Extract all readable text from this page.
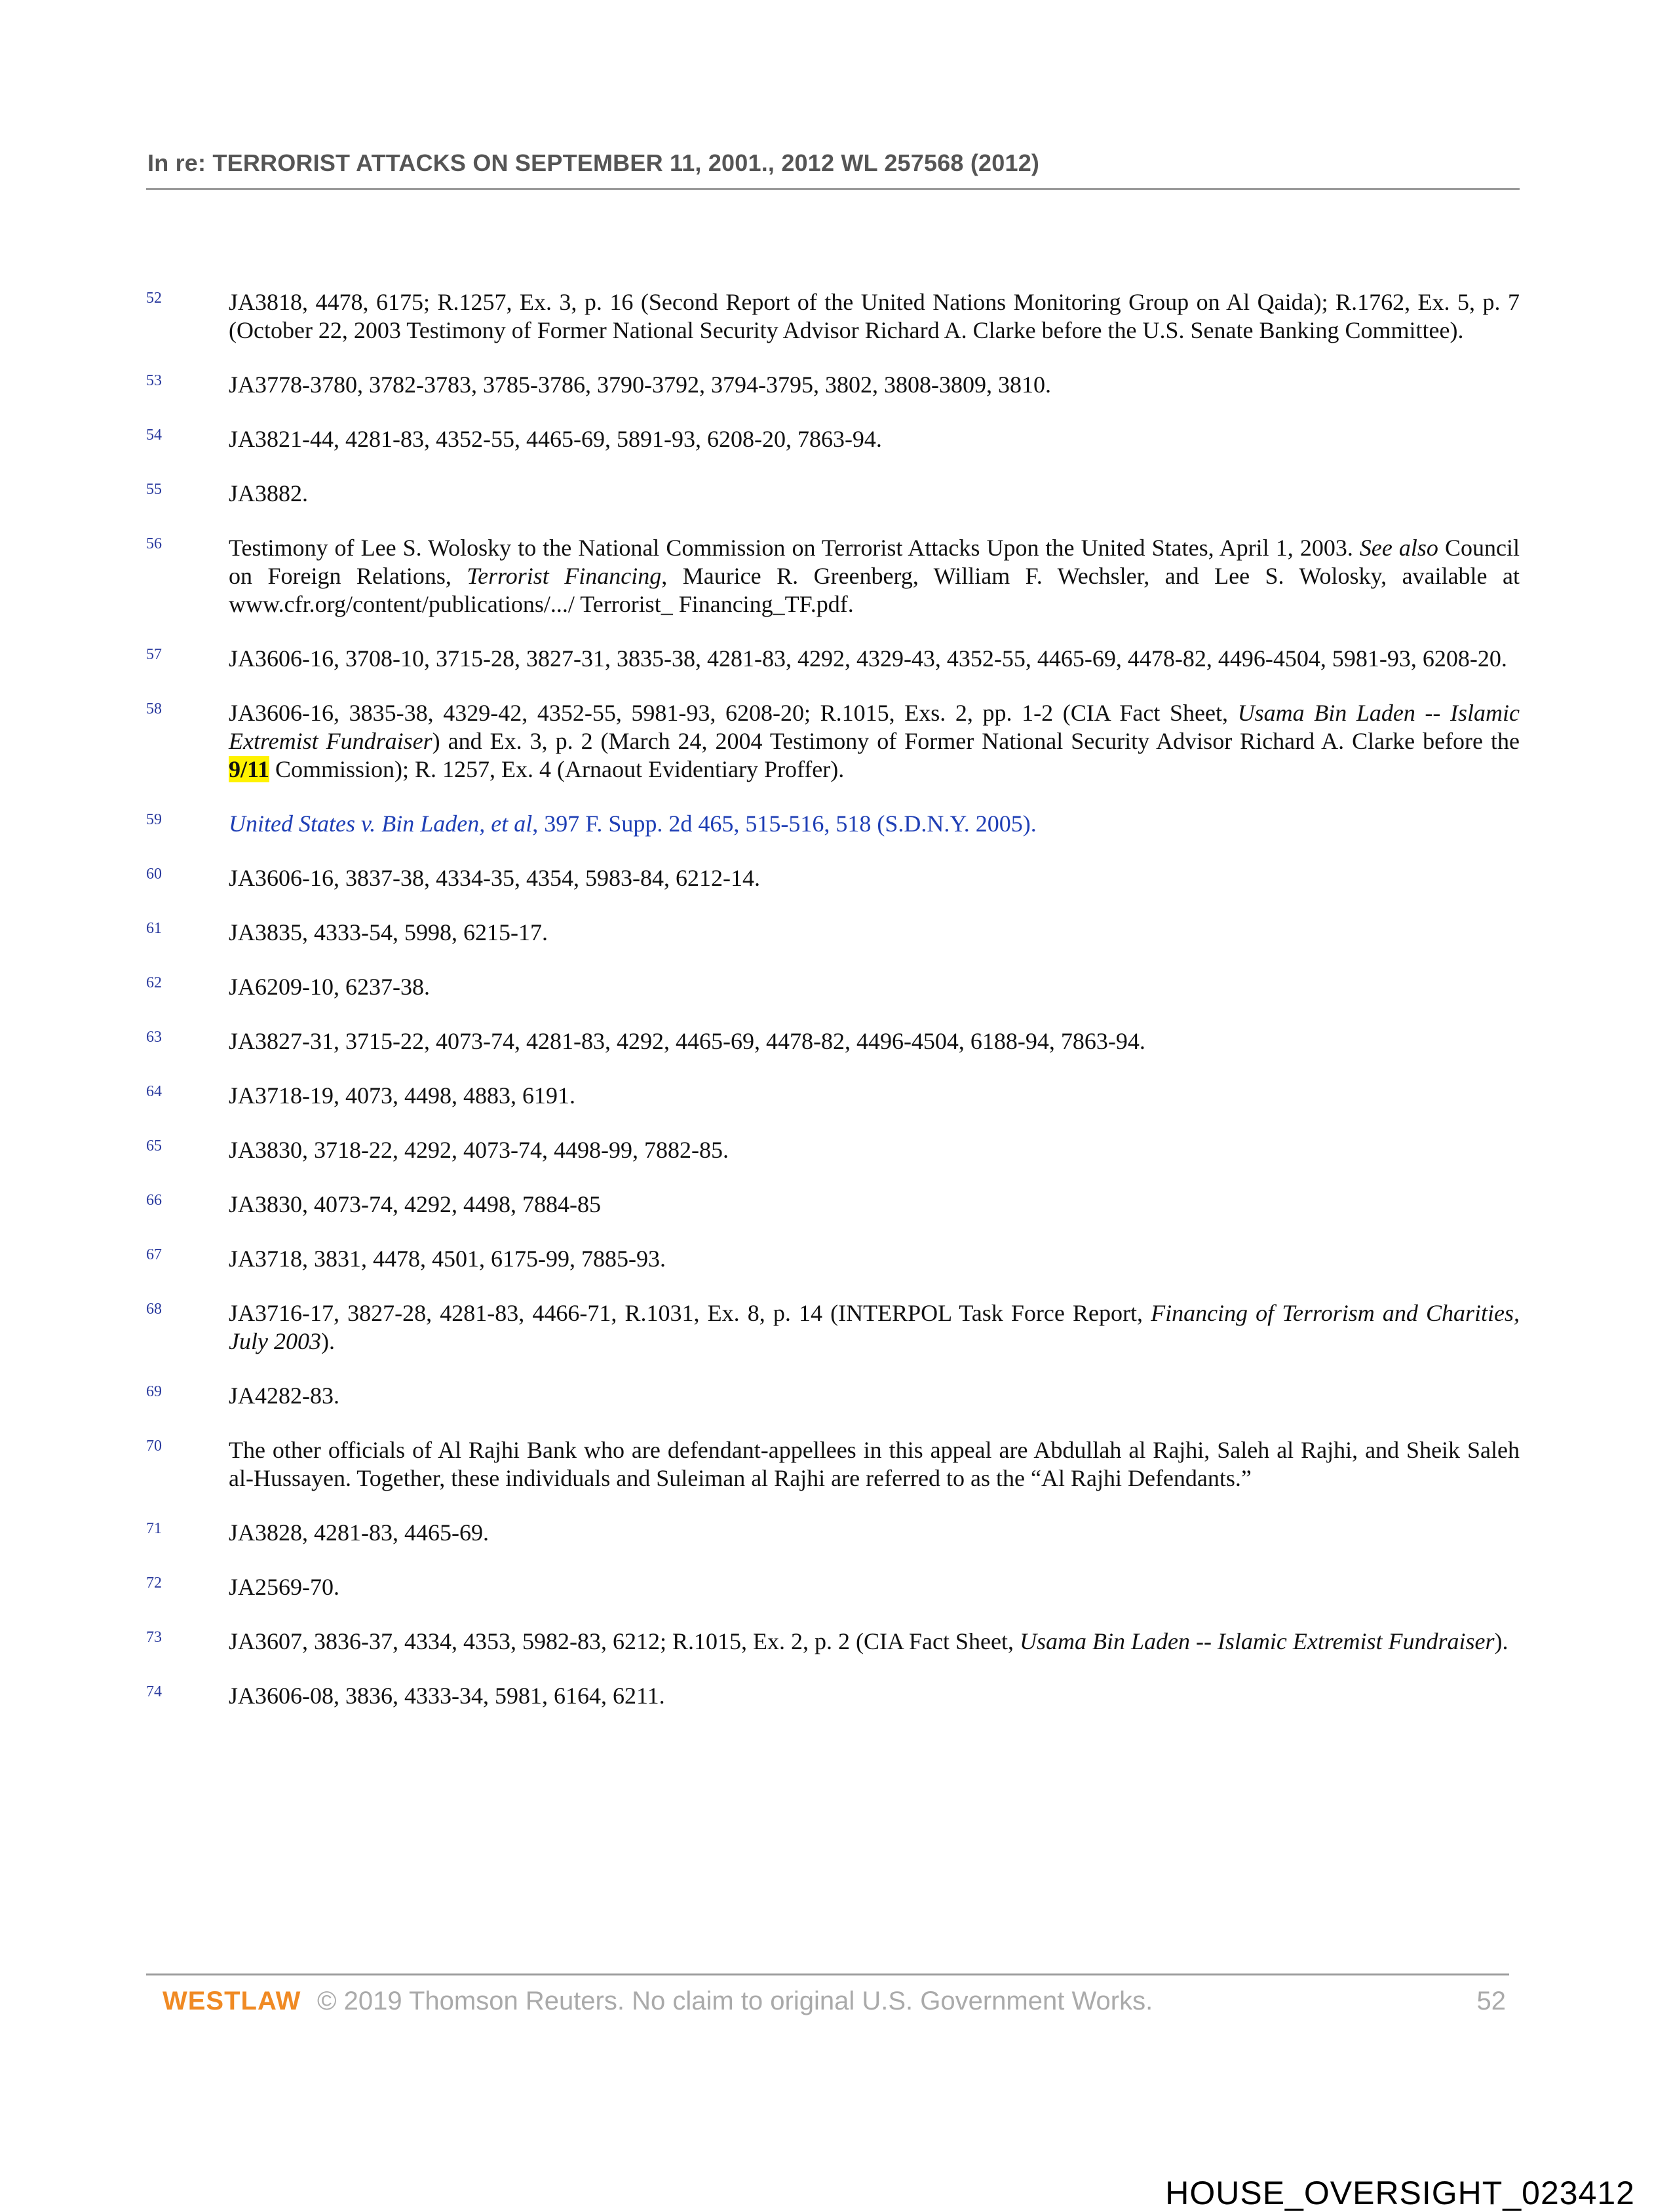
In re: TERRORIST ATTACKS ON SEPTEMBER 11, 2001., 2012 WL 257568 (2012)
52	JA3818, 4478, 6175; R.1257, Ex. 3, p. 16 (Second Report of the United Nations Monitoring Group on Al Qaida); R.1762, Ex. 5, p. 7 (October 22, 2003 Testimony of Former National Security Advisor Richard A. Clarke before the U.S. Senate Banking Committee).
53	JA3778-3780, 3782-3783, 3785-3786, 3790-3792, 3794-3795, 3802, 3808-3809, 3810.
54	JA3821-44, 4281-83, 4352-55, 4465-69, 5891-93, 6208-20, 7863-94.
55	JA3882.
56	Testimony of Lee S. Wolosky to the National Commission on Terrorist Attacks Upon the United States, April 1, 2003. See also Council on Foreign Relations, Terrorist Financing, Maurice R. Greenberg, William F. Wechsler, and Lee S. Wolosky, available at www.cfr.org/content/publications/.../ Terrorist_ Financing_TF.pdf.
57	JA3606-16, 3708-10, 3715-28, 3827-31, 3835-38, 4281-83, 4292, 4329-43, 4352-55, 4465-69, 4478-82, 4496-4504, 5981-93, 6208-20.
58	JA3606-16, 3835-38, 4329-42, 4352-55, 5981-93, 6208-20; R.1015, Exs. 2, pp. 1-2 (CIA Fact Sheet, Usama Bin Laden -- Islamic Extremist Fundraiser) and Ex. 3, p. 2 (March 24, 2004 Testimony of Former National Security Advisor Richard A. Clarke before the 9/11 Commission); R. 1257, Ex. 4 (Arnaout Evidentiary Proffer).
59	United States v. Bin Laden, et al, 397 F. Supp. 2d 465, 515-516, 518 (S.D.N.Y. 2005).
60	JA3606-16, 3837-38, 4334-35, 4354, 5983-84, 6212-14.
61	JA3835, 4333-54, 5998, 6215-17.
62	JA6209-10, 6237-38.
63	JA3827-31, 3715-22, 4073-74, 4281-83, 4292, 4465-69, 4478-82, 4496-4504, 6188-94, 7863-94.
64	JA3718-19, 4073, 4498, 4883, 6191.
65	JA3830, 3718-22, 4292, 4073-74, 4498-99, 7882-85.
66	JA3830, 4073-74, 4292, 4498, 7884-85
67	JA3718, 3831, 4478, 4501, 6175-99, 7885-93.
68	JA3716-17, 3827-28, 4281-83, 4466-71, R.1031, Ex. 8, p. 14 (INTERPOL Task Force Report, Financing of Terrorism and Charities, July 2003).
69	JA4282-83.
70	The other officials of Al Rajhi Bank who are defendant-appellees in this appeal are Abdullah al Rajhi, Saleh al Rajhi, and Sheik Saleh al-Hussayen. Together, these individuals and Suleiman al Rajhi are referred to as the “Al Rajhi Defendants.”
71	JA3828, 4281-83, 4465-69.
72	JA2569-70.
73	JA3607, 3836-37, 4334, 4353, 5982-83, 6212; R.1015, Ex. 2, p. 2 (CIA Fact Sheet, Usama Bin Laden -- Islamic Extremist Fundraiser).
74	JA3606-08, 3836, 4333-34, 5981, 6164, 6211.
WESTLAW © 2019 Thomson Reuters. No claim to original U.S. Government Works.	52
HOUSE_OVERSIGHT_023412
